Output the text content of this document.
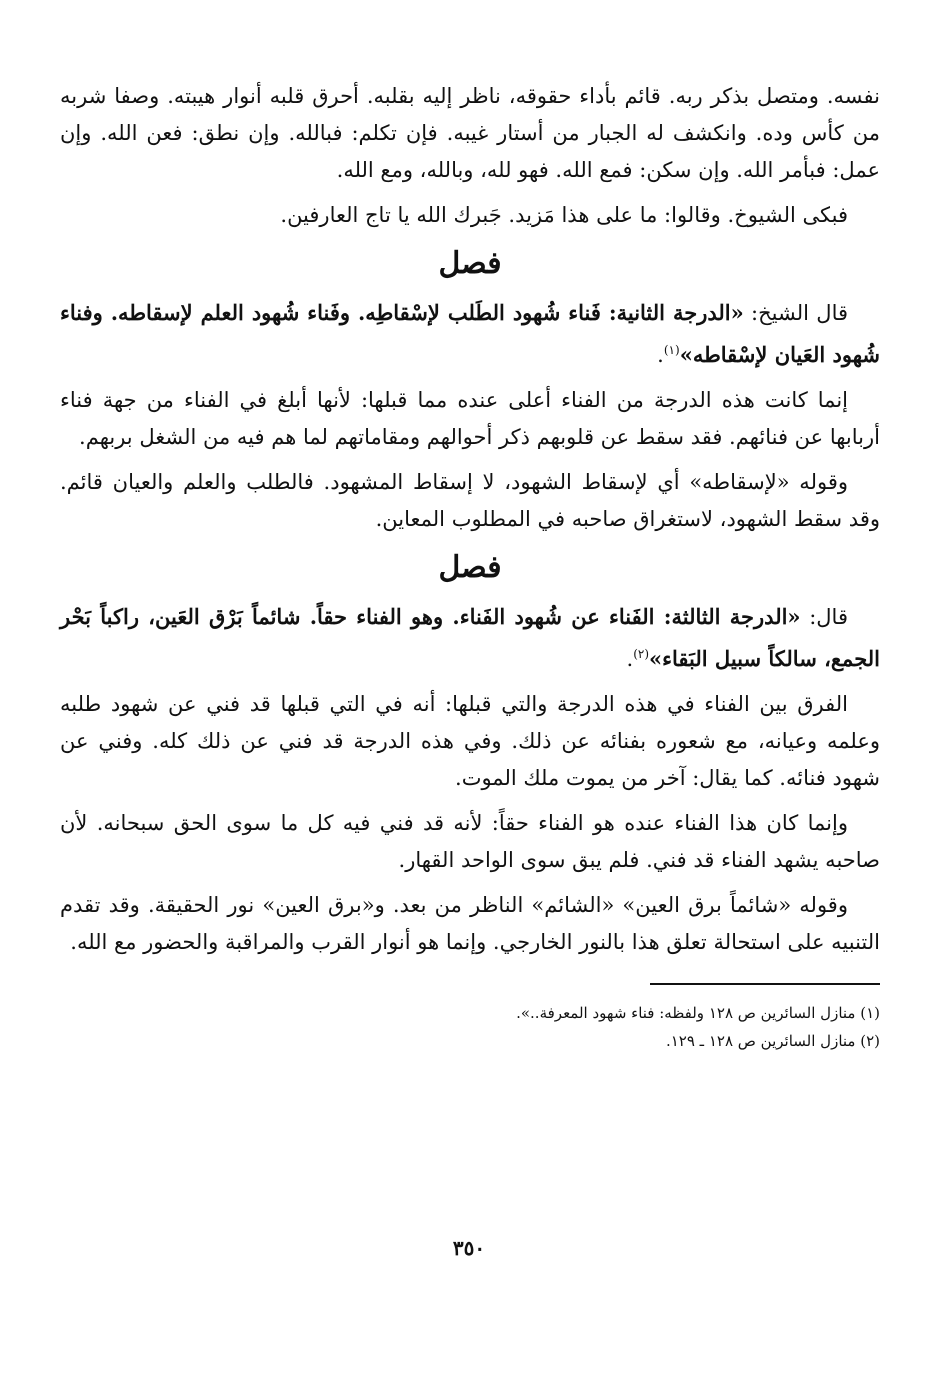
نفسه. ومتصل بذكر ربه. قائم بأداء حقوقه، ناظر إليه بقلبه. أحرق قلبه أنوار هيبته. وصفا شربه من كأس وده. وانكشف له الجبار من أستار غيبه. فإن تكلم: فبالله. وإن نطق: فعن الله. وإن عمل: فبأمر الله. وإن سكن: فمع الله. فهو لله، وبالله، ومع الله.

فبكى الشيوخ. وقالوا: ما على هذا مَزيد. جَبرك الله يا تاج العارفين.

فصل

قال الشيخ: «الدرجة الثانية: فَناء شُهود الطَلب لإسْقاطِه. وفَناء شُهود العلم لإسقاطه. وفناء شُهود العَيان لإسْقاطه»$^{(١)}$.

إنما كانت هذه الدرجة من الفناء أعلى عنده مما قبلها: لأنها أبلغ في الفناء من جهة فناء أربابها عن فنائهم. فقد سقط عن قلوبهم ذكر أحوالهم ومقاماتهم لما هم فيه من الشغل بربهم.

وقوله «لإسقاطه» أي لإسقاط الشهود، لا إسقاط المشهود. فالطلب والعلم والعيان قائم. وقد سقط الشهود، لاستغراق صاحبه في المطلوب المعاين.

فصل

قال: «الدرجة الثالثة: الفَناء عن شُهود الفَناء. وهو الفناء حقاً. شائماً بَرْق العَين، راكباً بَحْر الجمع، سالكاً سبيل البَقاء»$^{(٢)}$.

الفرق بين الفناء في هذه الدرجة والتي قبلها: أنه في التي قبلها قد فني عن شهود طلبه وعلمه وعيانه، مع شعوره بفنائه عن ذلك. وفي هذه الدرجة قد فني عن ذلك كله. وفني عن شهود فنائه. كما يقال: آخر من يموت ملك الموت.

وإنما كان هذا الفناء عنده هو الفناء حقاً: لأنه قد فني فيه كل ما سوى الحق سبحانه. لأن صاحبه يشهد الفناء قد فني. فلم يبق سوى الواحد القهار.

وقوله «شائماً برق العين» «الشائم» الناظر من بعد. و«برق العين» نور الحقيقة. وقد تقدم التنبيه على استحالة تعلق هذا بالنور الخارجي. وإنما هو أنوار القرب والمراقبة والحضور مع الله.

(١) منازل السائرين ص ١٢٨ ولفظه: فناء شهود المعرفة..».

(٢) منازل السائرين ص ١٢٨ ـ ١٢٩.

٣٥٠
